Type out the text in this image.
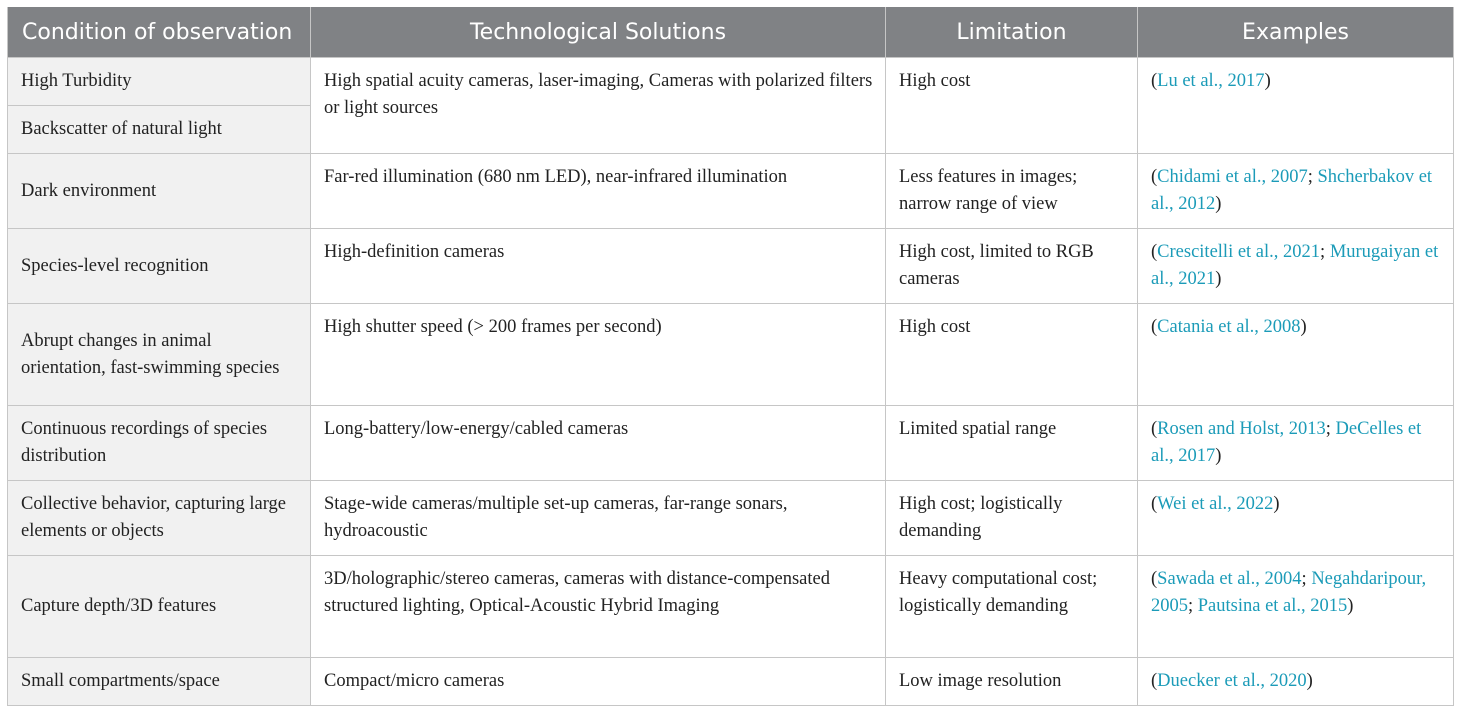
Condition of observation	Technological Solutions	Limitation	Examples
High Turbidity	High spatial acuity cameras, laser-imaging, Cameras with polarized filters or light sources	High cost	(Lu et al., 2017)
Backscatter of natural light			
Dark environment	Far-red illumination (680 nm LED), near-infrared illumination	Less features in images; narrow range of view	(Chidami et al., 2007; Shcherbakov et al., 2012)
Species-level recognition	High-definition cameras	High cost, limited to RGB cameras	(Crescitelli et al., 2021; Murugaiyan et al., 2021)
Abrupt changes in animal orientation, fast-swimming species	High shutter speed (> 200 frames per second)	High cost	(Catania et al., 2008)
Continuous recordings of species distribution	Long-battery/low-energy/cabled cameras	Limited spatial range	(Rosen and Holst, 2013; DeCelles et al., 2017)
Collective behavior, capturing large elements or objects	Stage-wide cameras/multiple set-up cameras, far-range sonars, hydroacoustic	High cost; logistically demanding	(Wei et al., 2022)
Capture depth/3D features	3D/holographic/stereo cameras, cameras with distance-compensated structured lighting, Optical-Acoustic Hybrid Imaging	Heavy computational cost; logistically demanding	(Sawada et al., 2004; Negahdaripour, 2005; Pautsina et al., 2015)
Small compartments/space	Compact/micro cameras	Low image resolution	(Duecker et al., 2020)
